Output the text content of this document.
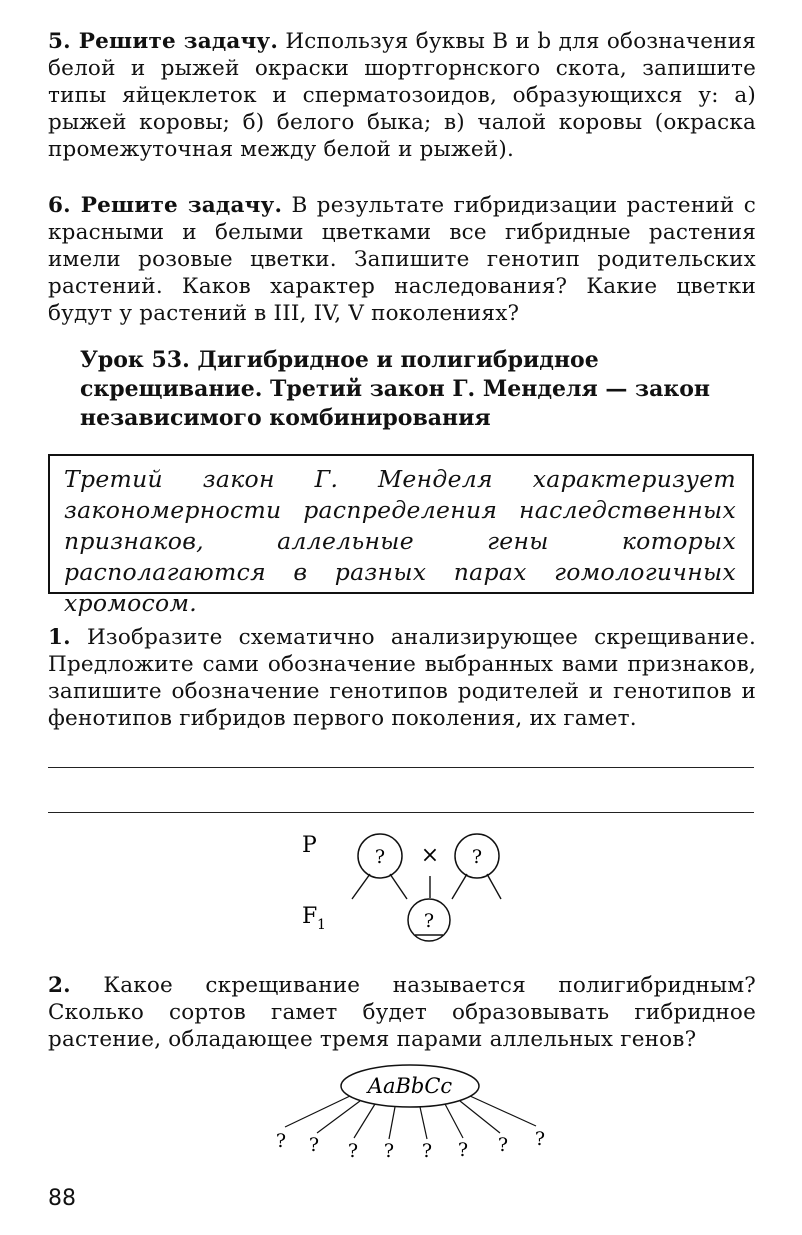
5. Решите задачу. Используя буквы B и b для обозначения белой и рыжей окраски шортгорнского скота, запишите типы яйцеклеток и сперматозоидов, образующихся у: а) рыжей коровы; б) белого быка; в) чалой коровы (окраска промежуточная между белой и рыжей).
6. Решите задачу. В результате гибридизации растений с красными и белыми цветками все гибридные растения имели розовые цветки. Запишите генотип родительских растений. Каков характер наследования? Какие цветки будут у растений в III, IV, V поколениях?
Урок 53. Дигибридное и полигибридное скрещивание. Третий закон Г. Менделя — закон независимого комбинирования
Третий закон Г. Менделя характеризует закономерности распределения наследственных признаков, аллельные гены которых располагаются в разных парах гомологичных хромосом.
1. Изобразите схематично анализирующее скрещивание. Предложите сами обозначение выбранных вами признаков, запишите обозначение генотипов родителей и генотипов и фенотипов гибридов первого поколения, их гамет.
P
F 1
? × ?
?
2. Какое скрещивание называется полигибридным? Сколько сортов гамет будет образовывать гибридное растение, обладающее тремя парами аллельных генов?
AaBbCc
? ? ? ? ? ? ? ?
88
